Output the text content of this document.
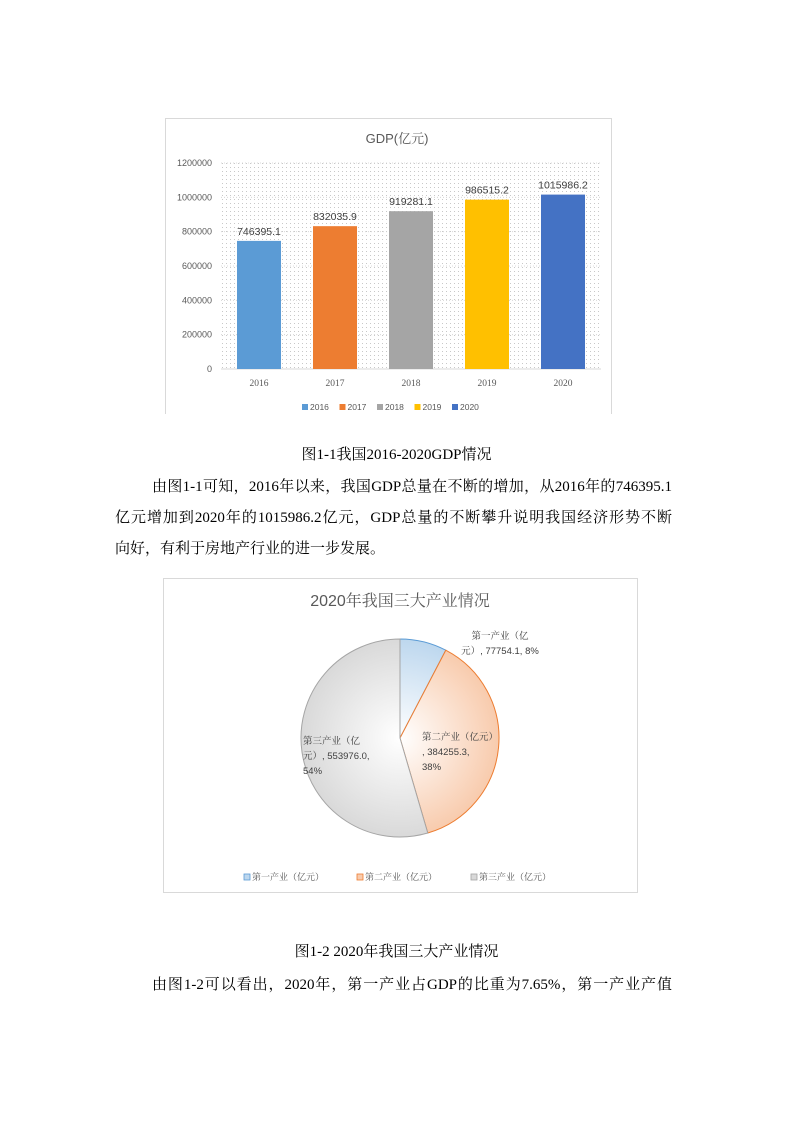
GDP(亿元)
0
200000
400000
600000
800000
1000000
1200000
746395.1
832035.9
919281.1
986515.2	1015986.2
2016	2017	2018	2019	2020
2016 2017 2018 2019 2020
图1-1我国2016-2020GDP情况
由图1-1可知，2016年以来，我国GDP总量在不断的增加，从2016年的746395.1
亿元增加到2020年的1015986.2亿元，GDP总量的不断攀升说明我国经济形势不断
向好，有利于房地产行业的进一步发展。
2020年我国三大产业情况
第一产业（亿
元）, 77754.1, 8%
第二产业（亿元）
, 384255.3,
38%
第三产业（亿
元）, 553976.0,
54%
第一产业（亿元）	第二产业（亿元）	第三产业（亿元）
图1-2 2020年我国三大产业情况
由图1-2可以看出，2020年，第一产业占GDP的比重为7.65%，第一产业产值
